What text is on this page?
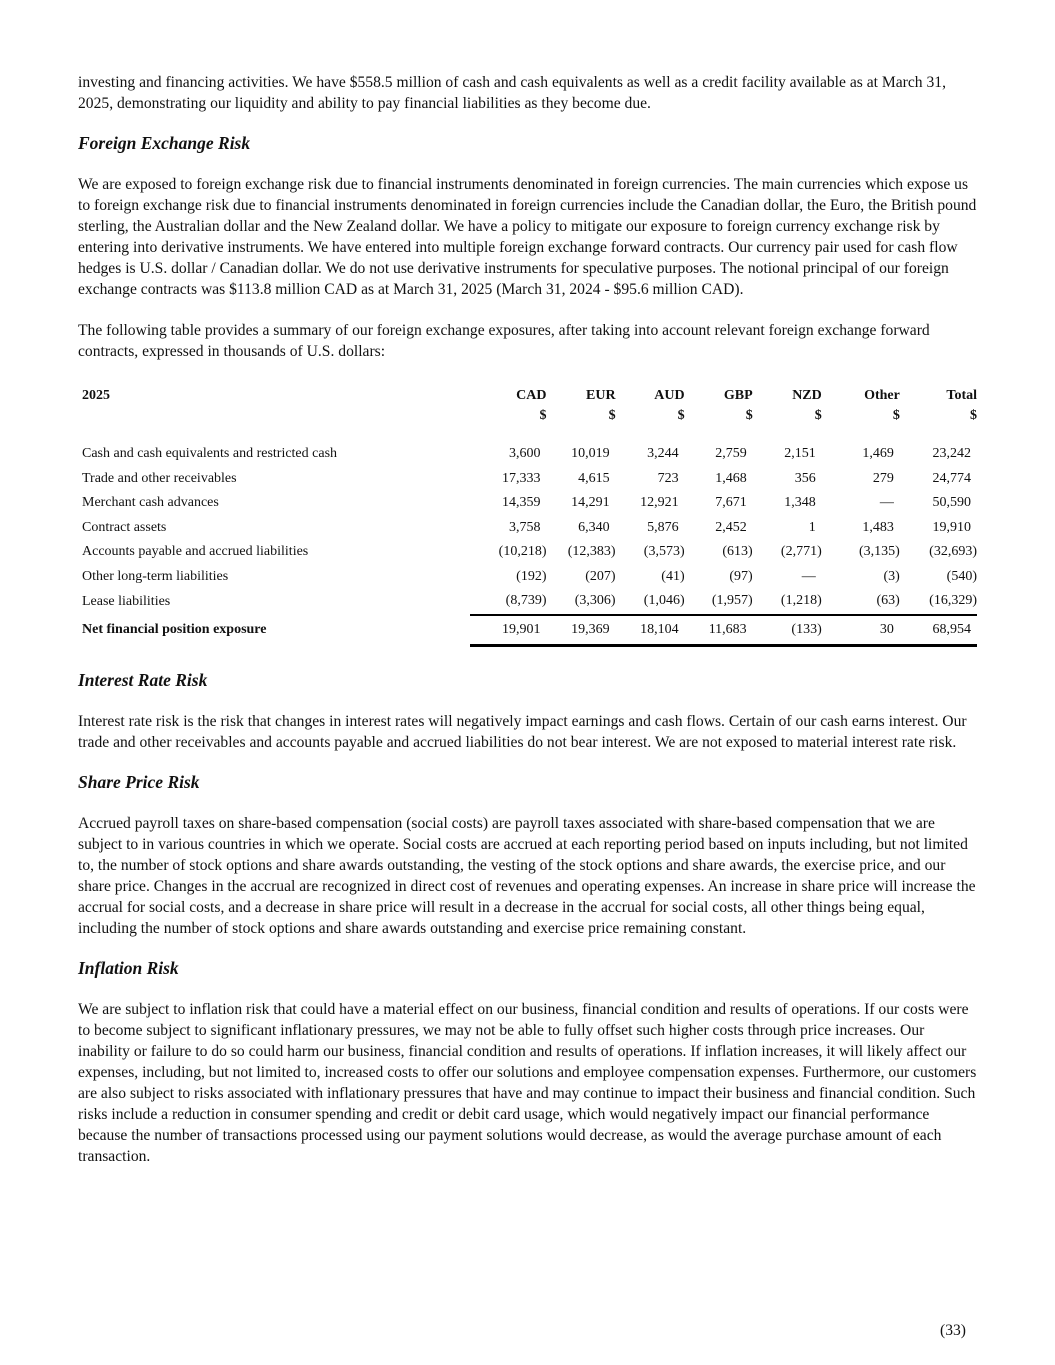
investing and financing activities. We have $558.5 million of cash and cash equivalents as well as a credit facility available as at March 31, 2025, demonstrating our liquidity and ability to pay financial liabilities as they become due.

Foreign Exchange Risk

We are exposed to foreign exchange risk due to financial instruments denominated in foreign currencies. The main currencies which expose us to foreign exchange risk due to financial instruments denominated in foreign currencies include the Canadian dollar, the Euro, the British pound sterling, the Australian dollar and the New Zealand dollar. We have a policy to mitigate our exposure to foreign currency exchange risk by entering into derivative instruments. We have entered into multiple foreign exchange forward contracts. Our currency pair used for cash flow hedges is U.S. dollar / Canadian dollar. We do not use derivative instruments for speculative purposes. The notional principal of our foreign exchange contracts was $113.8 million CAD as at March 31, 2025 (March 31, 2024 - $95.6 million CAD).

The following table provides a summary of our foreign exchange exposures, after taking into account relevant foreign exchange forward contracts, expressed in thousands of U.S. dollars:

2025	CAD	EUR	AUD	GBP	NZD	Other	Total
	$	$	$	$	$	$	$

Cash and cash equivalents and restricted cash	3,600	10,019	3,244	2,759	2,151	1,469	23,242
Trade and other receivables	17,333	4,615	723	1,468	356	279	24,774
Merchant cash advances	14,359	14,291	12,921	7,671	1,348	—	50,590
Contract assets	3,758	6,340	5,876	2,452	1	1,483	19,910
Accounts payable and accrued liabilities	(10,218)	(12,383)	(3,573)	(613)	(2,771)	(3,135)	(32,693)
Other long-term liabilities	(192)	(207)	(41)	(97)	—	(3)	(540)
Lease liabilities	(8,739)	(3,306)	(1,046)	(1,957)	(1,218)	(63)	(16,329)
Net financial position exposure	19,901	19,369	18,104	11,683	(133)	30	68,954
Interest Rate Risk

Interest rate risk is the risk that changes in interest rates will negatively impact earnings and cash flows. Certain of our cash earns interest. Our trade and other receivables and accounts payable and accrued liabilities do not bear interest. We are not exposed to material interest rate risk.

Share Price Risk

Accrued payroll taxes on share-based compensation (social costs) are payroll taxes associated with share-based compensation that we are subject to in various countries in which we operate. Social costs are accrued at each reporting period based on inputs including, but not limited to, the number of stock options and share awards outstanding, the vesting of the stock options and share awards, the exercise price, and our share price. Changes in the accrual are recognized in direct cost of revenues and operating expenses. An increase in share price will increase the accrual for social costs, and a decrease in share price will result in a decrease in the accrual for social costs, all other things being equal, including the number of stock options and share awards outstanding and exercise price remaining constant.

Inflation Risk

We are subject to inflation risk that could have a material effect on our business, financial condition and results of operations. If our costs were to become subject to significant inflationary pressures, we may not be able to fully offset such higher costs through price increases. Our inability or failure to do so could harm our business, financial condition and results of operations. If inflation increases, it will likely affect our expenses, including, but not limited to, increased costs to offer our solutions and employee compensation expenses. Furthermore, our customers are also subject to risks associated with inflationary pressures that have and may continue to impact their business and financial condition. Such risks include a reduction in consumer spending and credit or debit card usage, which would negatively impact our financial performance because the number of transactions processed using our payment solutions would decrease, as would the average purchase amount of each transaction.

(33)
